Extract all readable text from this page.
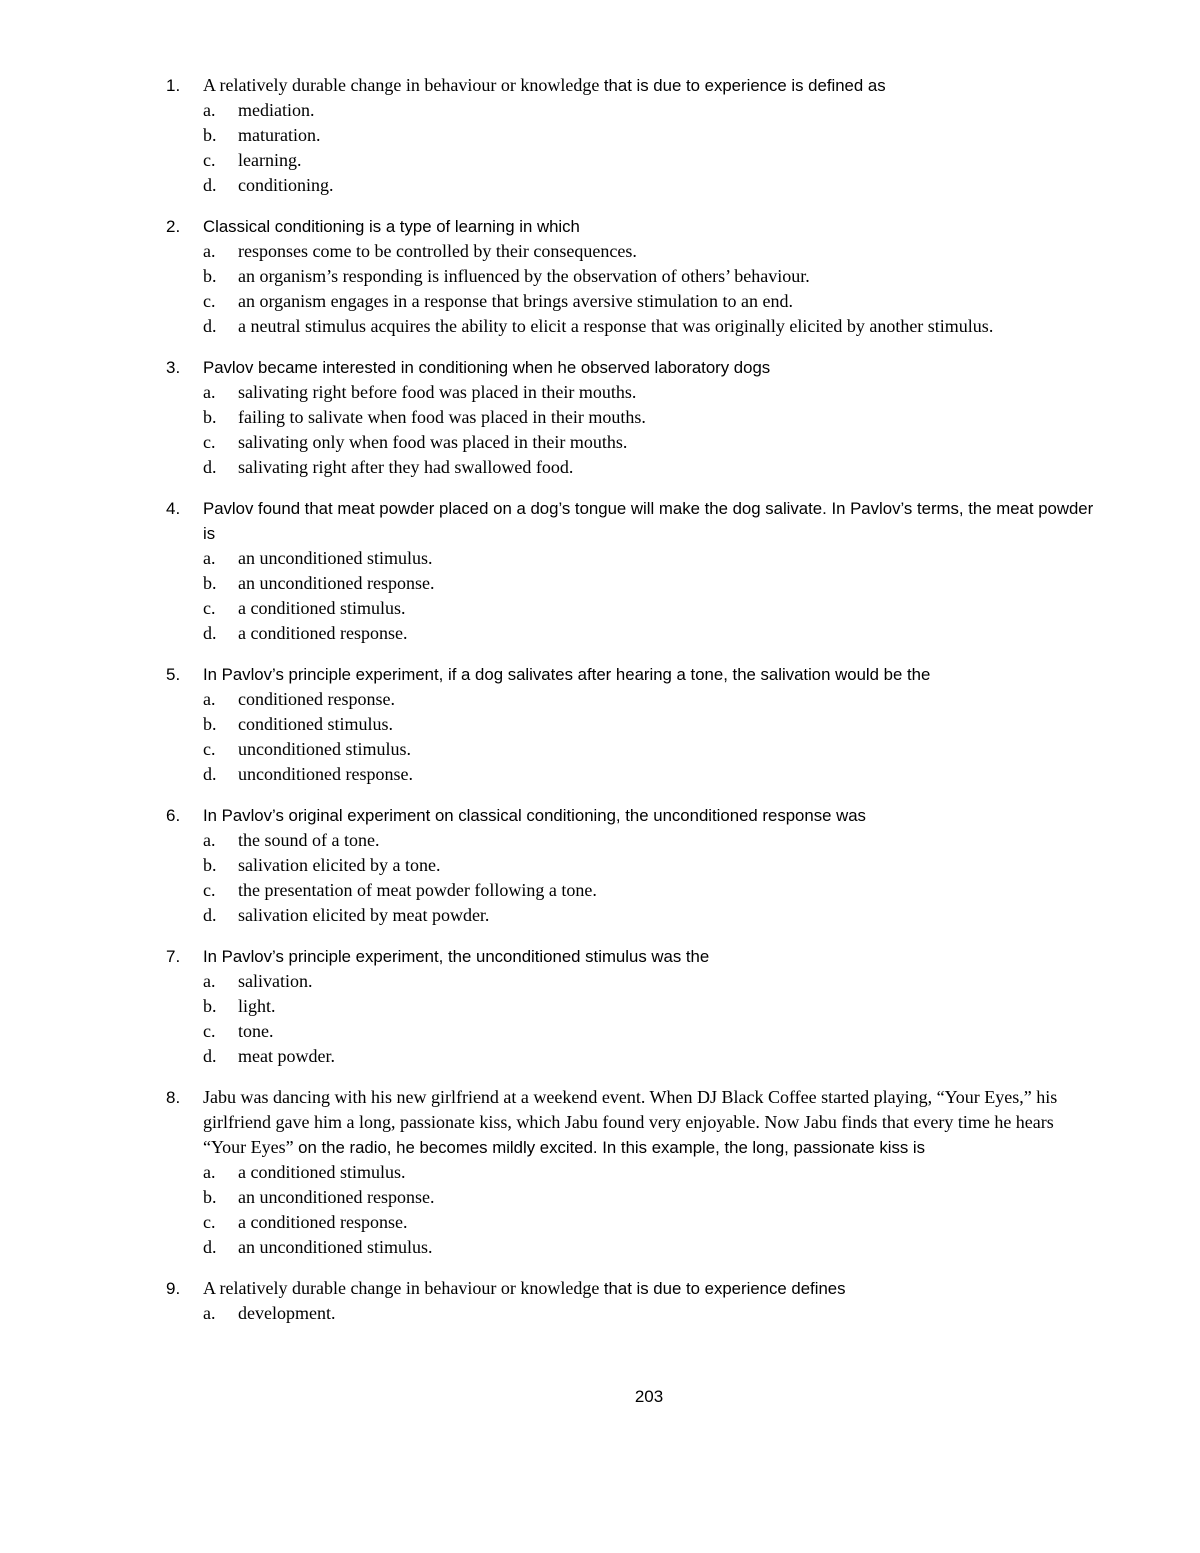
1.	A relatively durable change in behaviour or knowledge that is due to experience is defined as
a.	mediation.
b.	maturation.
c.	learning.
d.	conditioning.
2.	Classical conditioning is a type of learning in which
a.	responses come to be controlled by their consequences.
b.	an organism’s responding is influenced by the observation of others’ behaviour.
c.	an organism engages in a response that brings aversive stimulation to an end.
d.	a neutral stimulus acquires the ability to elicit a response that was originally elicited by another stimulus.
3.	Pavlov became interested in conditioning when he observed laboratory dogs
a.	salivating right before food was placed in their mouths.
b.	failing to salivate when food was placed in their mouths.
c.	salivating only when food was placed in their mouths.
d.	salivating right after they had swallowed food.
4.	Pavlov found that meat powder placed on a dog’s tongue will make the dog salivate. In Pavlov’s terms, the meat powder is
a.	an unconditioned stimulus.
b.	an unconditioned response.
c.	a conditioned stimulus.
d.	a conditioned response.
5.	In Pavlov’s principle experiment, if a dog salivates after hearing a tone, the salivation would be the
a.	conditioned response.
b.	conditioned stimulus.
c.	unconditioned stimulus.
d.	unconditioned response.
6.	In Pavlov’s original experiment on classical conditioning, the unconditioned response was
a.	the sound of a tone.
b.	salivation elicited by a tone.
c.	the presentation of meat powder following a tone.
d.	salivation elicited by meat powder.
7.	In Pavlov’s principle experiment, the unconditioned stimulus was the
a.	salivation.
b.	light.
c.	tone.
d.	meat powder.
8.	Jabu was dancing with his new girlfriend at a weekend event. When DJ Black Coffee started playing, “Your Eyes,” his girlfriend gave him a long, passionate kiss, which Jabu found very enjoyable. Now Jabu finds that every time he hears “Your Eyes” on the radio, he becomes mildly excited. In this example, the long, passionate kiss is
a.	a conditioned stimulus.
b.	an unconditioned response.
c.	a conditioned response.
d.	an unconditioned stimulus.
9.	A relatively durable change in behaviour or knowledge that is due to experience defines
a.	development.
203
